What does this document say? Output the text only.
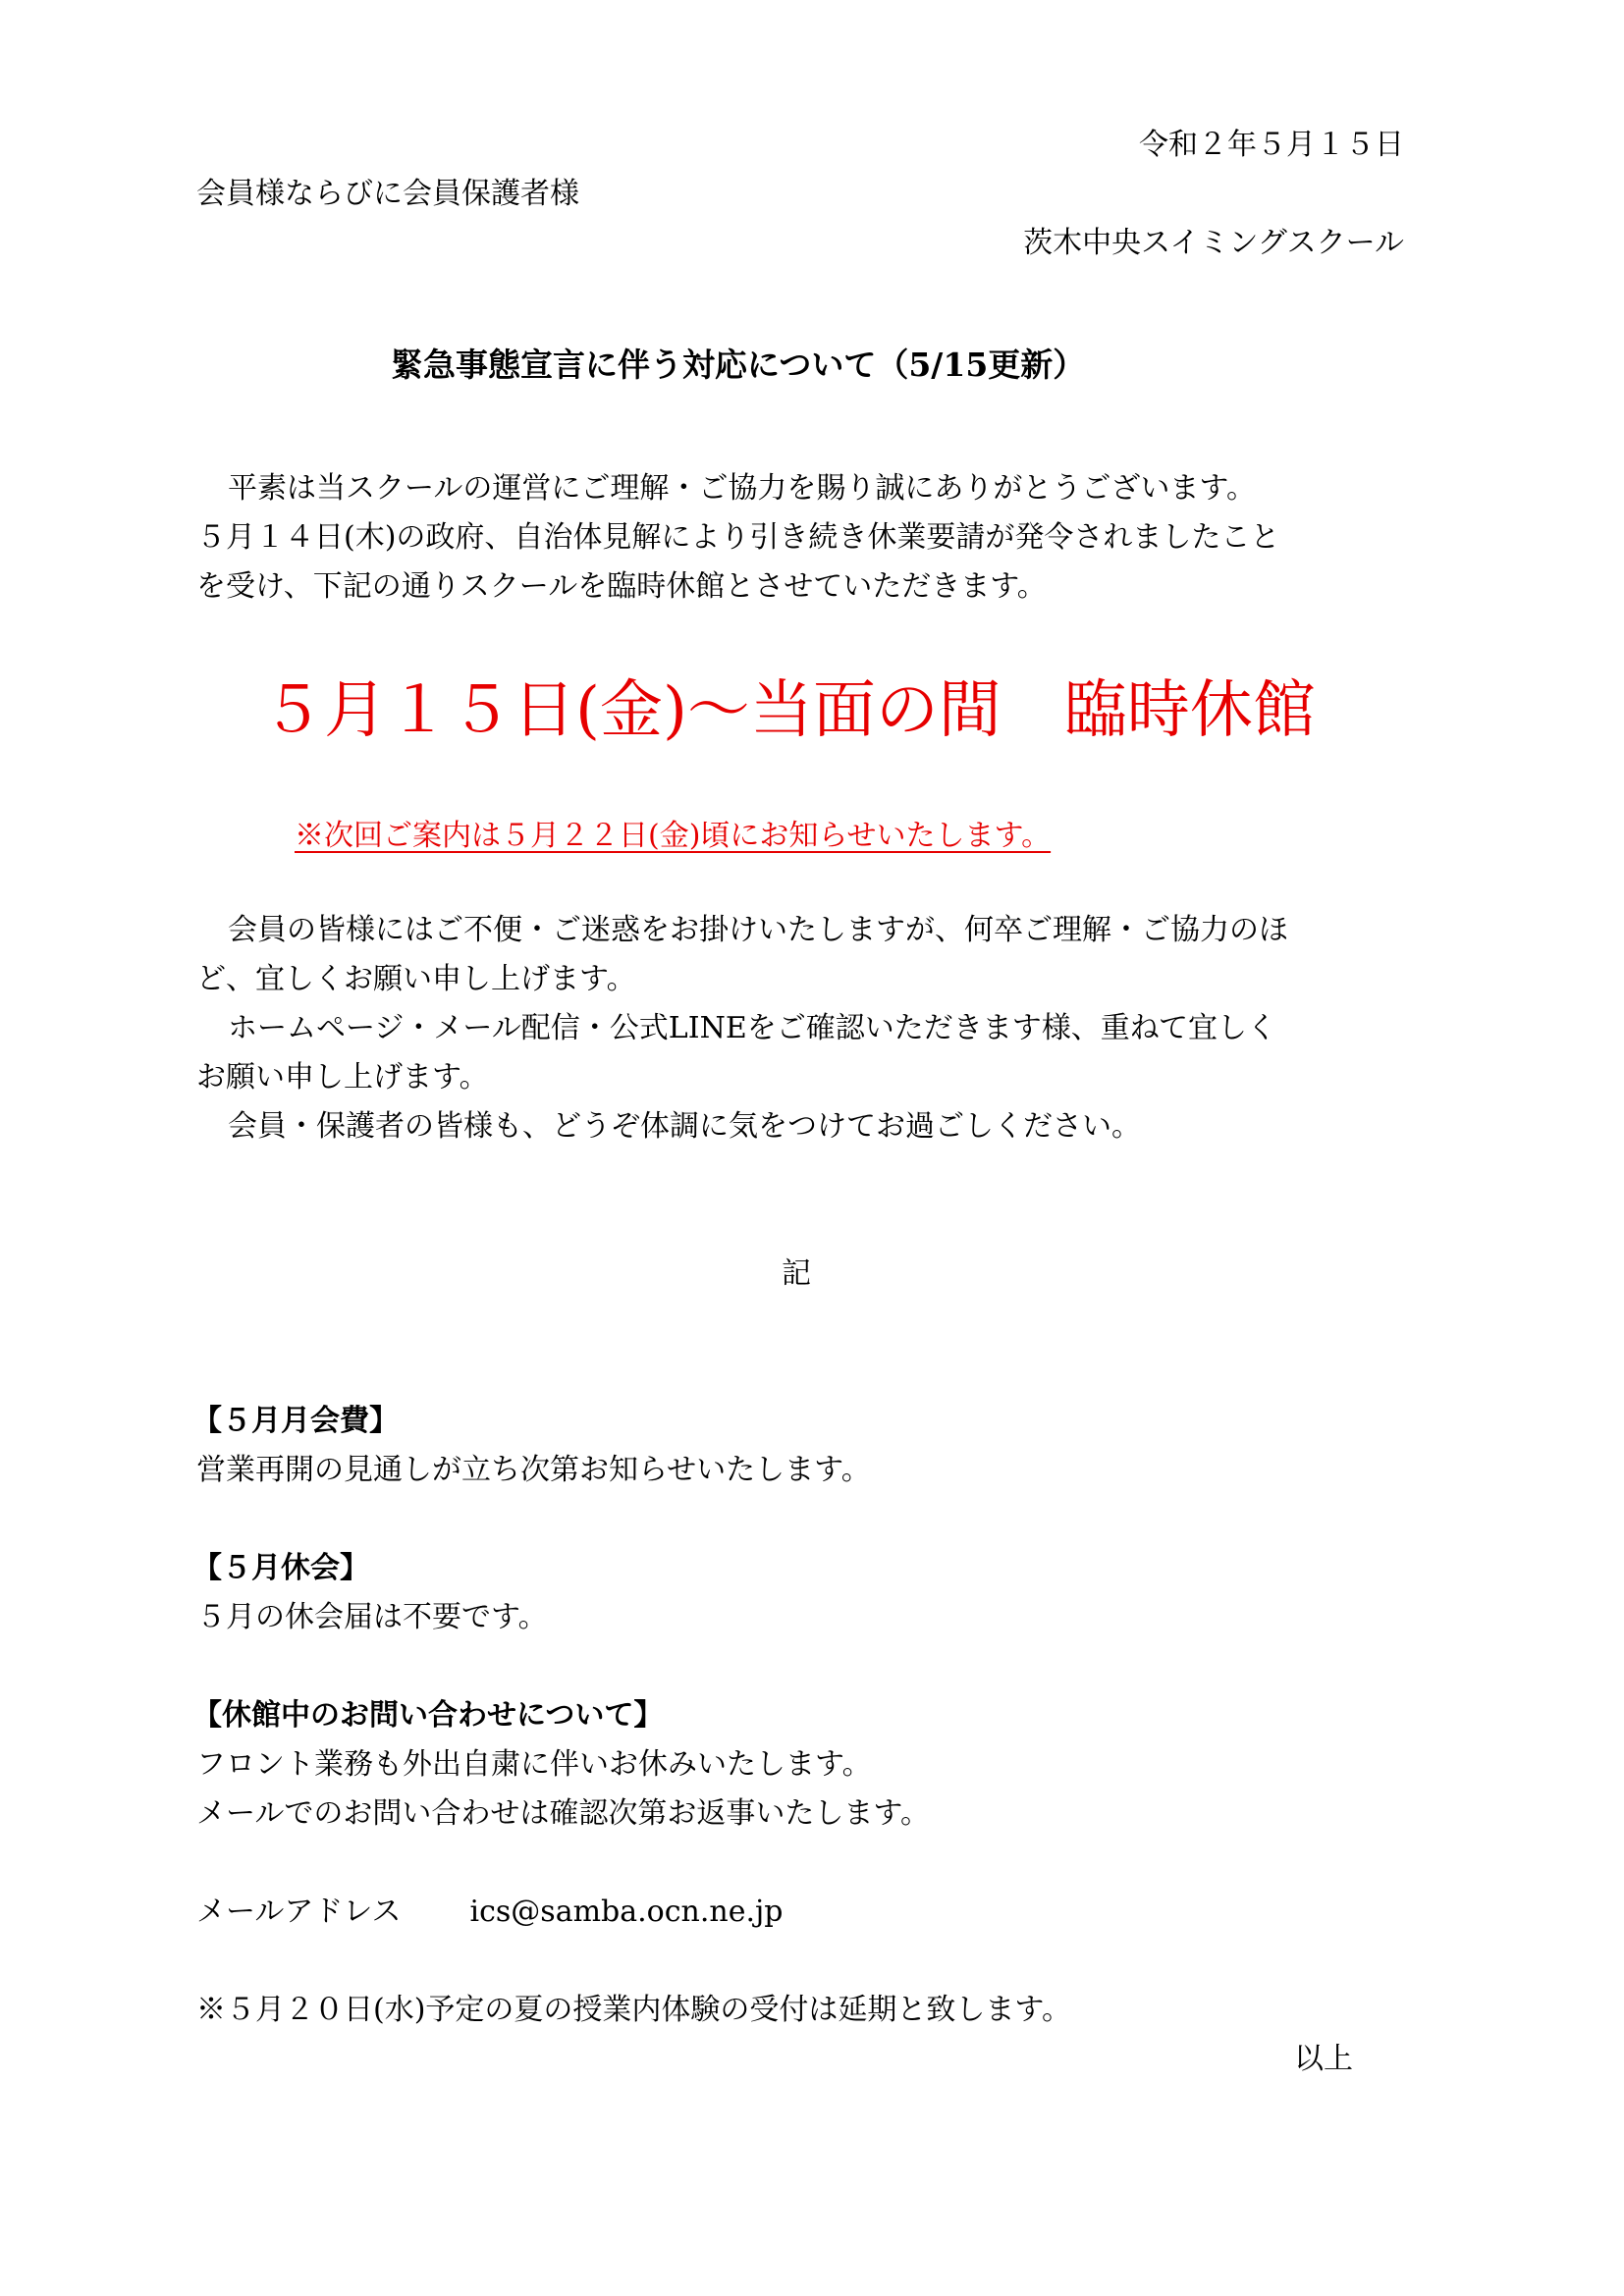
令和２年５月１５日
会員様ならびに会員保護者様
茨木中央スイミングスクール
緊急事態宣言に伴う対応について（5/15更新）
平素は当スクールの運営にご理解・ご協力を賜り誠にありがとうございます。
５月１４日(木)の政府、自治体見解により引き続き休業要請が発令されましたこと
を受け、下記の通りスクールを臨時休館とさせていただきます。
５月１５日(金)～当面の間　臨時休館
※次回ご案内は５月２２日(金)頃にお知らせいたします。
会員の皆様にはご不便・ご迷惑をお掛けいたしますが、何卒ご理解・ご協力のほ
ど、宜しくお願い申し上げます。
ホームページ・メール配信・公式LINEをご確認いただきます様、重ねて宜しく
お願い申し上げます。
会員・保護者の皆様も、どうぞ体調に気をつけてお過ごしください。
記
【５月月会費】
営業再開の見通しが立ち次第お知らせいたします。
【５月休会】
５月の休会届は不要です。
【休館中のお問い合わせについて】
フロント業務も外出自粛に伴いお休みいたします。
メールでのお問い合わせは確認次第お返事いたします。
メールアドレス ics@samba.ocn.ne.jp
※５月２０日(水)予定の夏の授業内体験の受付は延期と致します。
以上
